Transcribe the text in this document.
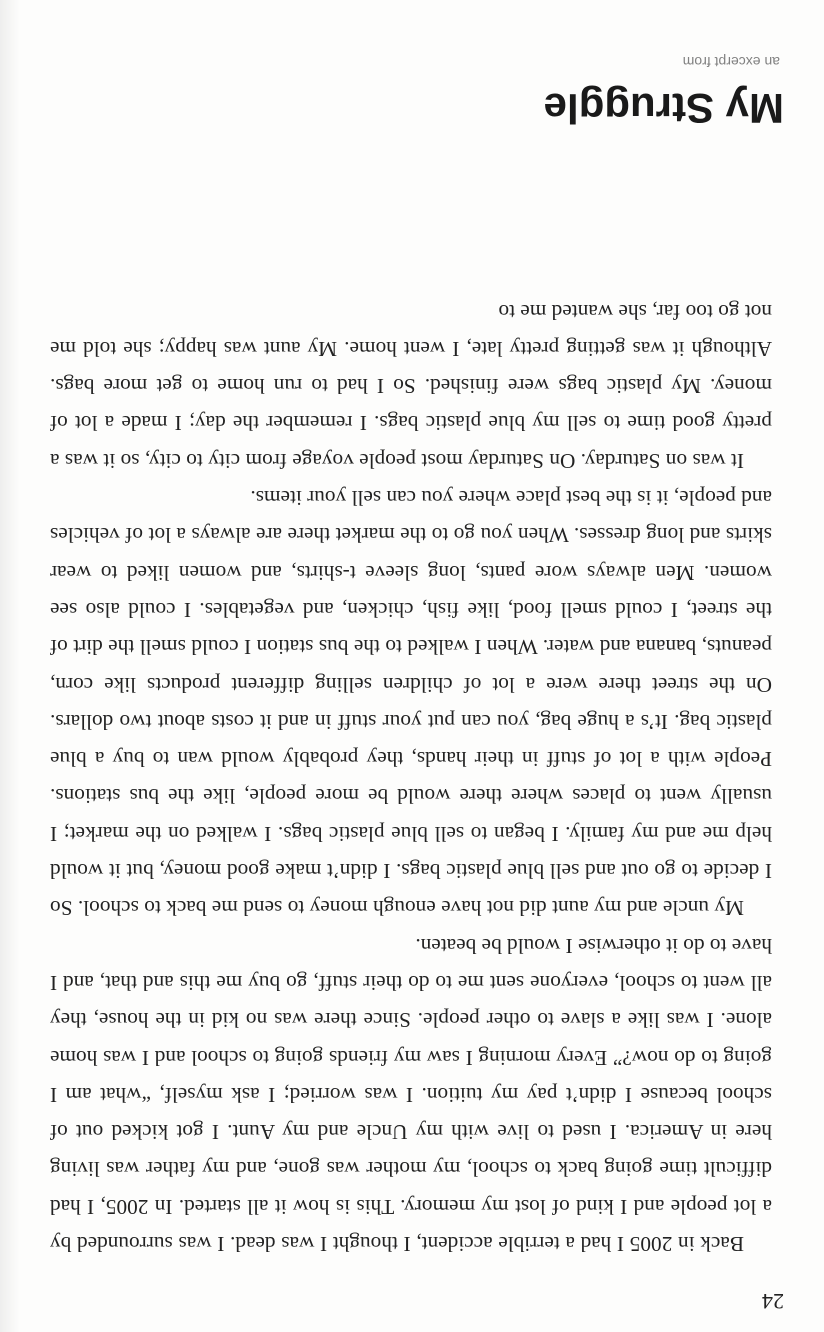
24

Back in 2005 I had a terrible accident, I thought I was dead. I was surrounded by a lot people and I kind of lost my memory. This is how it all started. In 2005, I had difficult time going back to school, my mother was gone, and my father was living here in America. I used to live with my Uncle and my Aunt. I got kicked out of school because I didn’t pay my tuition. I was worried; I ask myself, “what am I going to do now?” Every morning I saw my friends going to school and I was home alone. I was like a slave to other people. Since there was no kid in the house, they all went to school, everyone sent me to do their stuff, go buy me this and that, and I have to do it otherwise I would be beaten.

My uncle and my aunt did not have enough money to send me back to school. So I decide to go out and sell blue plastic bags. I didn’t make good money, but it would help me and my family. I began to sell blue plastic bags. I walked on the market; I usually went to places where there would be more people, like the bus stations. People with a lot of stuff in their hands, they probably would wan to buy a blue plastic bag. It’s a huge bag, you can put your stuff in and it costs about two dollars. On the street there were a lot of children selling different products like corn, peanuts, banana and water. When I walked to the bus station I could smell the dirt of the street, I could smell food, like fish, chicken, and vegetables. I could also see women. Men always wore pants, long sleeve t-shirts, and women liked to wear skirts and long dresses. When you go to the market there are always a lot of vehicles and people, it is the best place where you can sell your items.

It was on Saturday. On Saturday most people voyage from city to city, so it was a pretty good time to sell my blue plastic bags. I remember the day; I made a lot of money. My plastic bags were finished. So I had to run home to get more bags. Although it was getting pretty late, I went home. My aunt was happy; she told me not go too far, she wanted me to

My Struggle
an excerpt from
